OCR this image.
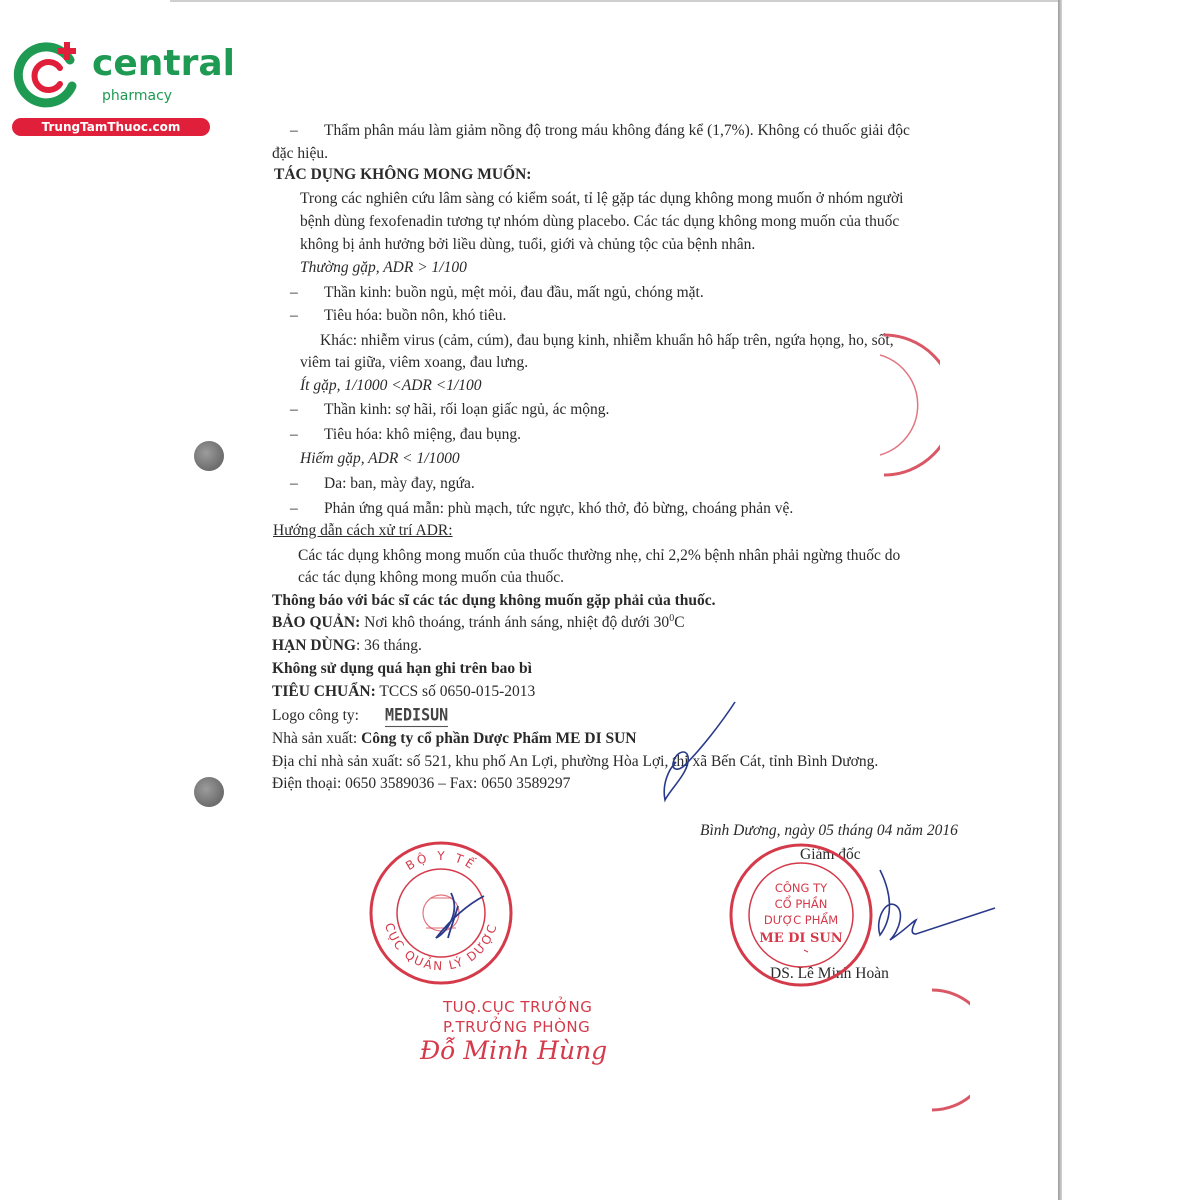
central
pharmacy
TrungTamThuoc.com	– Thẩm phân máu làm giảm nồng độ trong máu không đáng kể (1,7%). Không có thuốc giải độc
đặc hiệu.
TÁC DỤNG KHÔNG MONG MUỐN:
Trong các nghiên cứu lâm sàng có kiểm soát, tỉ lệ gặp tác dụng không mong muốn ở nhóm người
bệnh dùng fexofenadin tương tự nhóm dùng placebo. Các tác dụng không mong muốn của thuốc
không bị ảnh hưởng bởi liều dùng, tuổi, giới và chủng tộc của bệnh nhân.
Thường gặp, ADR > 1/100
– Thần kinh: buồn ngủ, mệt mỏi, đau đầu, mất ngủ, chóng mặt.
– Tiêu hóa: buồn nôn, khó tiêu.
Khác: nhiễm virus (cảm, cúm), đau bụng kinh, nhiễm khuẩn hô hấp trên, ngứa họng, ho, sốt,
viêm tai giữa, viêm xoang, đau lưng.
Ít gặp, 1/1000 <ADR <1/100
– Thần kinh: sợ hãi, rối loạn giấc ngủ, ác mộng.
– Tiêu hóa: khô miệng, đau bụng.
Hiếm gặp, ADR < 1/1000
– Da: ban, mày đay, ngứa.
– Phản ứng quá mẫn: phù mạch, tức ngực, khó thở, đỏ bừng, choáng phản vệ.
Hướng dẫn cách xử trí ADR:
Các tác dụng không mong muốn của thuốc thường nhẹ, chỉ 2,2% bệnh nhân phải ngừng thuốc do
các tác dụng không mong muốn của thuốc.
Thông báo với bác sĩ các tác dụng không muốn gặp phải của thuốc.
BẢO QUẢN: Nơi khô thoáng, tránh ánh sáng, nhiệt độ dưới $30^0C$
HẠN DÙNG: 36 tháng.
Không sử dụng quá hạn ghi trên bao bì
TIÊU CHUẨN: TCCS số 0650-015-2013
Logo công ty: MEDISUN
Nhà sản xuất: Công ty cổ phần Dược Phẩm ME DI SUN
Địa chỉ nhà sản xuất: số 521, khu phố An Lợi, phường Hòa Lợi, thị xã Bến Cát, tỉnh Bình Dương.
Điện thoại: 0650 3589036 – Fax: 0650 3589297
Bình Dương, ngày 05 tháng 04 năm 2016
Giám đốc
DS. Lê Minh Hoàn
BỘ Y TẾ
CỤC QUẢN LÝ DƯỢC
TUQ.CỤC TRƯỞNG
P.TRƯỞNG PHÒNG
Đỗ Minh Hùng
CÔNG TY
CỔ PHẦN
DƯỢC PHẨM
ME DI SUN
